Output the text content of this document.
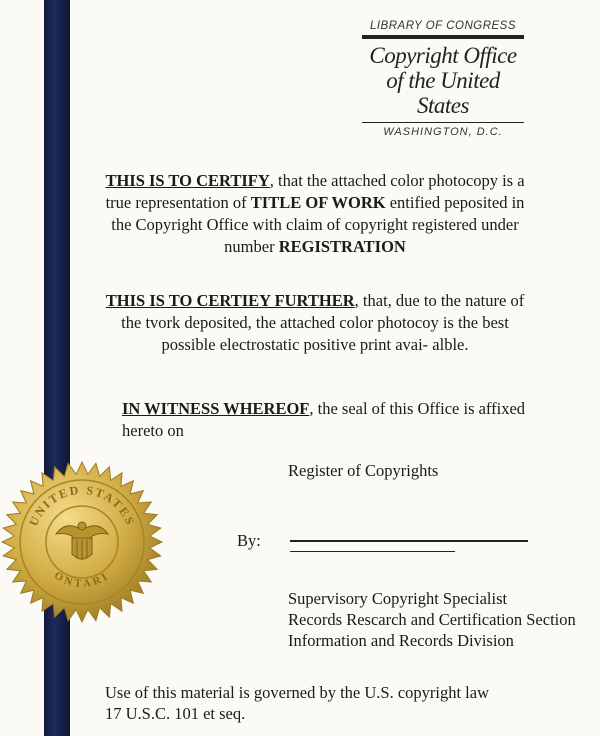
LIBRARY OF CONGRESS
Copyright Office
of the United States
WASHINGTON, D.C.
THIS IS TO CERTIFY, that the attached color photocopy is a true representation of TITLE OF WORK entified peposited in the Copyright Office with claim of copyright registered under number REGISTRATION
THIS IS TO CERTIEY FURTHER, that, due to the nature of the tvork deposited, the attached color photocoy is the best possible electrostatic positive print avai- alble.
IN WITNESS WHEREOF, the seal of this Office is affixed hereto on
Register of Copyrights
By:
Supervisory Copyright Specialist
Records Rescarch and Certification Section
Information and Records Division
Use of this material is governed by the U.S. copyright law
17 U.S.C. 101 et seq.
UNITED STATES
ONTARI
